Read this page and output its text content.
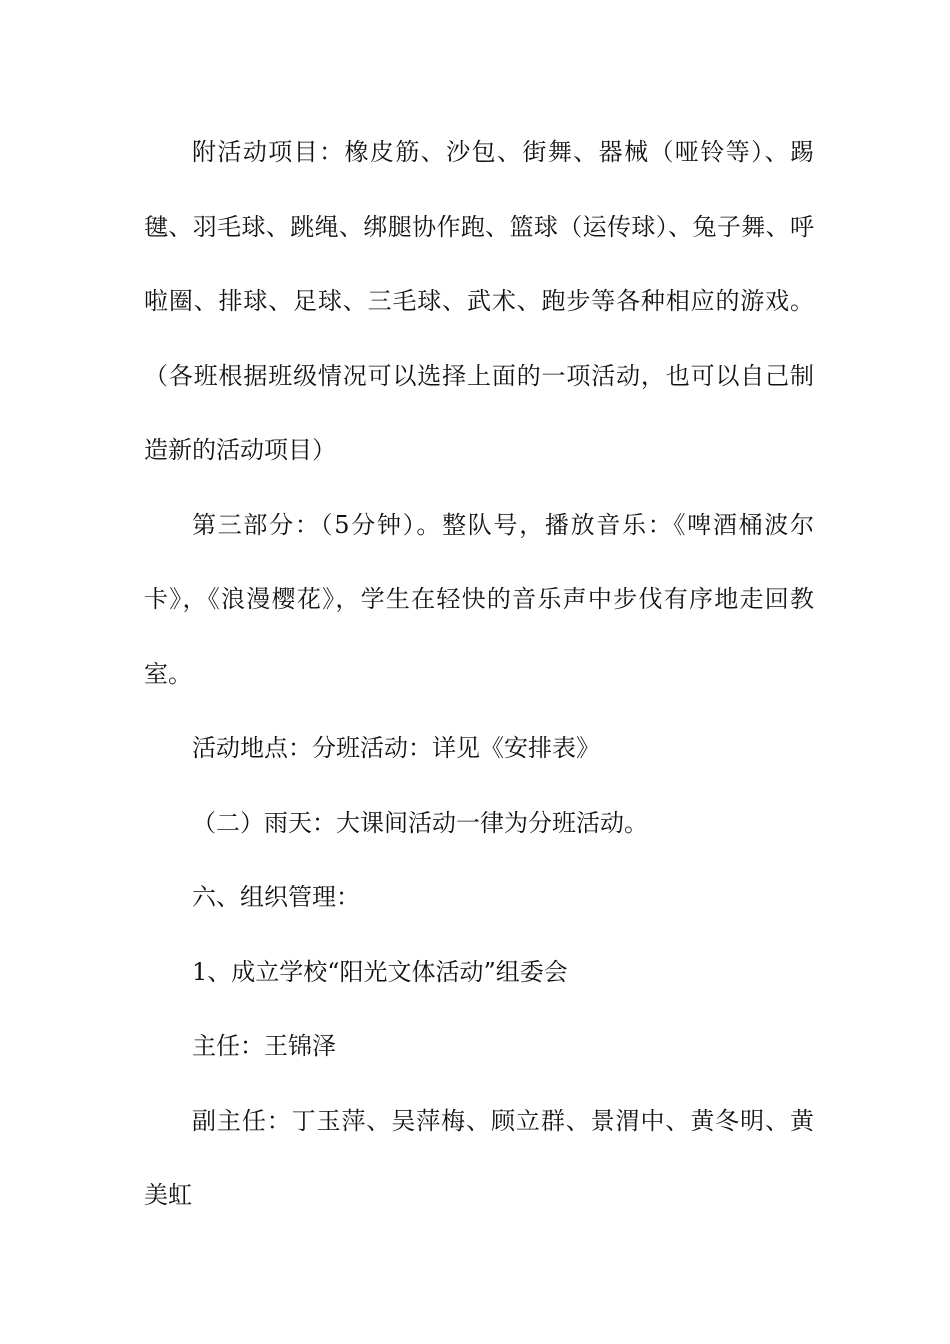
附活动项目：橡皮筋、沙包、街舞、器械（哑铃等）、踢毽、羽毛球、跳绳、绑腿协作跑、篮球（运传球）、兔子舞、呼啦圈、排球、足球、三毛球、武术、跑步等各种相应的游戏。（各班根据班级情况可以选择上面的一项活动，也可以自己制造新的活动项目）

第三部分：（5分钟）。整队号，播放音乐：《啤酒桶波尔卡》，《浪漫樱花》，学生在轻快的音乐声中步伐有序地走回教室。

活动地点：分班活动：详见《安排表》

（二）雨天：大课间活动一律为分班活动。

六、组织管理：

1、成立学校“阳光文体活动”组委会

主任：王锦泽

副主任：丁玉萍、吴萍梅、顾立群、景渭中、黄冬明、黄美虹
